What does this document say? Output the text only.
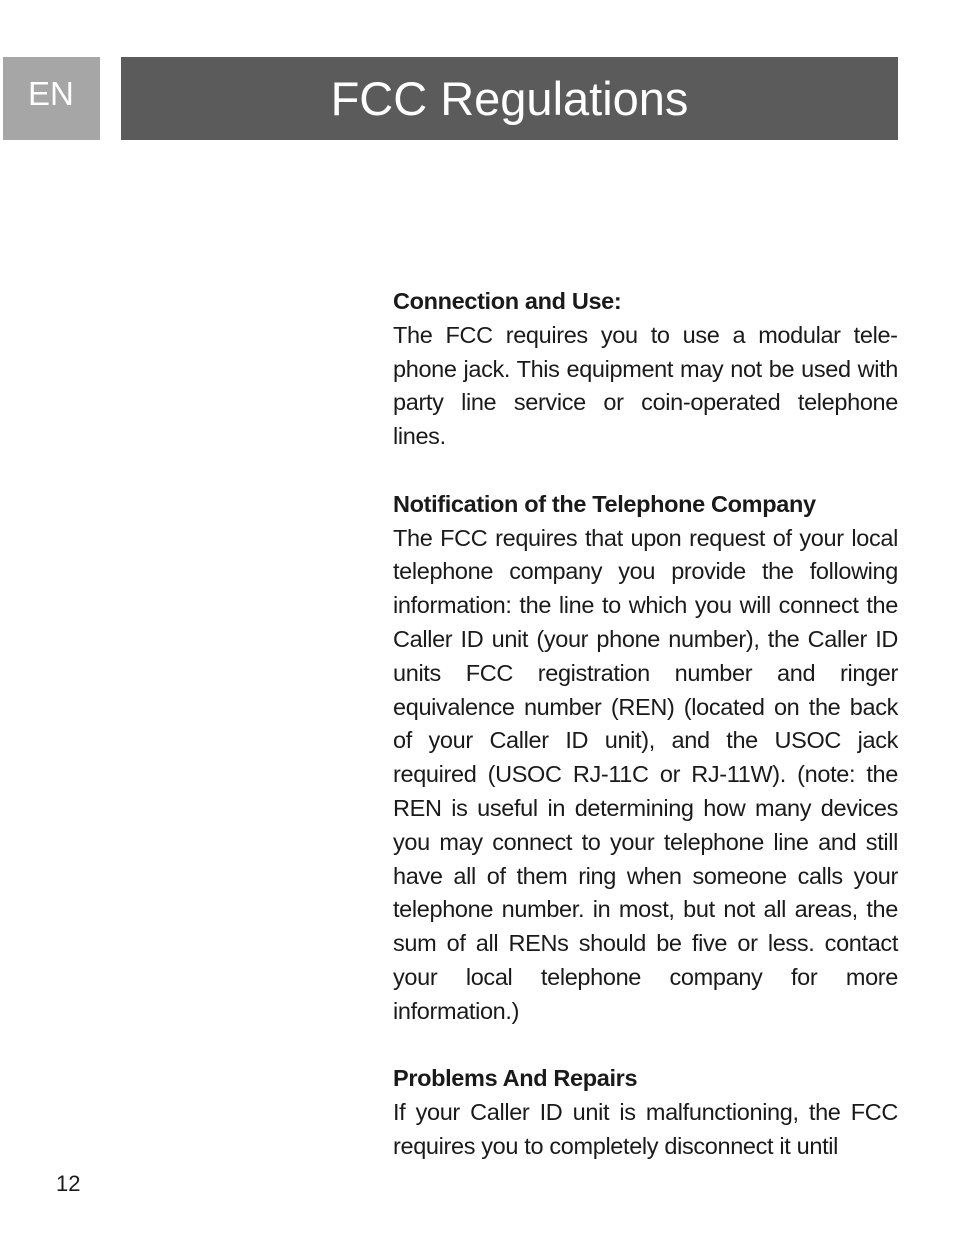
EN	FCC Regulations

Connection and Use:

The FCC requires you to use a modular telephone jack. This equipment may not be used with party line service or coin-operated telephone lines.

Notification of the Telephone Company

The FCC requires that upon request of your local telephone company you provide the following information: the line to which you will connect the Caller ID unit (your phone number), the Caller ID units FCC registration number and ringer equivalence number (REN) (located on the back of your Caller ID unit), and the USOC jack required (USOC RJ-11C or RJ-11W). (note: the REN is useful in determining how many devices you may connect to your telephone line and still have all of them ring when someone calls your telephone number. in most, but not all areas, the sum of all RENs should be five or less. contact your local telephone company for more information.)

Problems And Repairs

If your Caller ID unit is malfunctioning, the FCC requires you to completely disconnect it until

12
